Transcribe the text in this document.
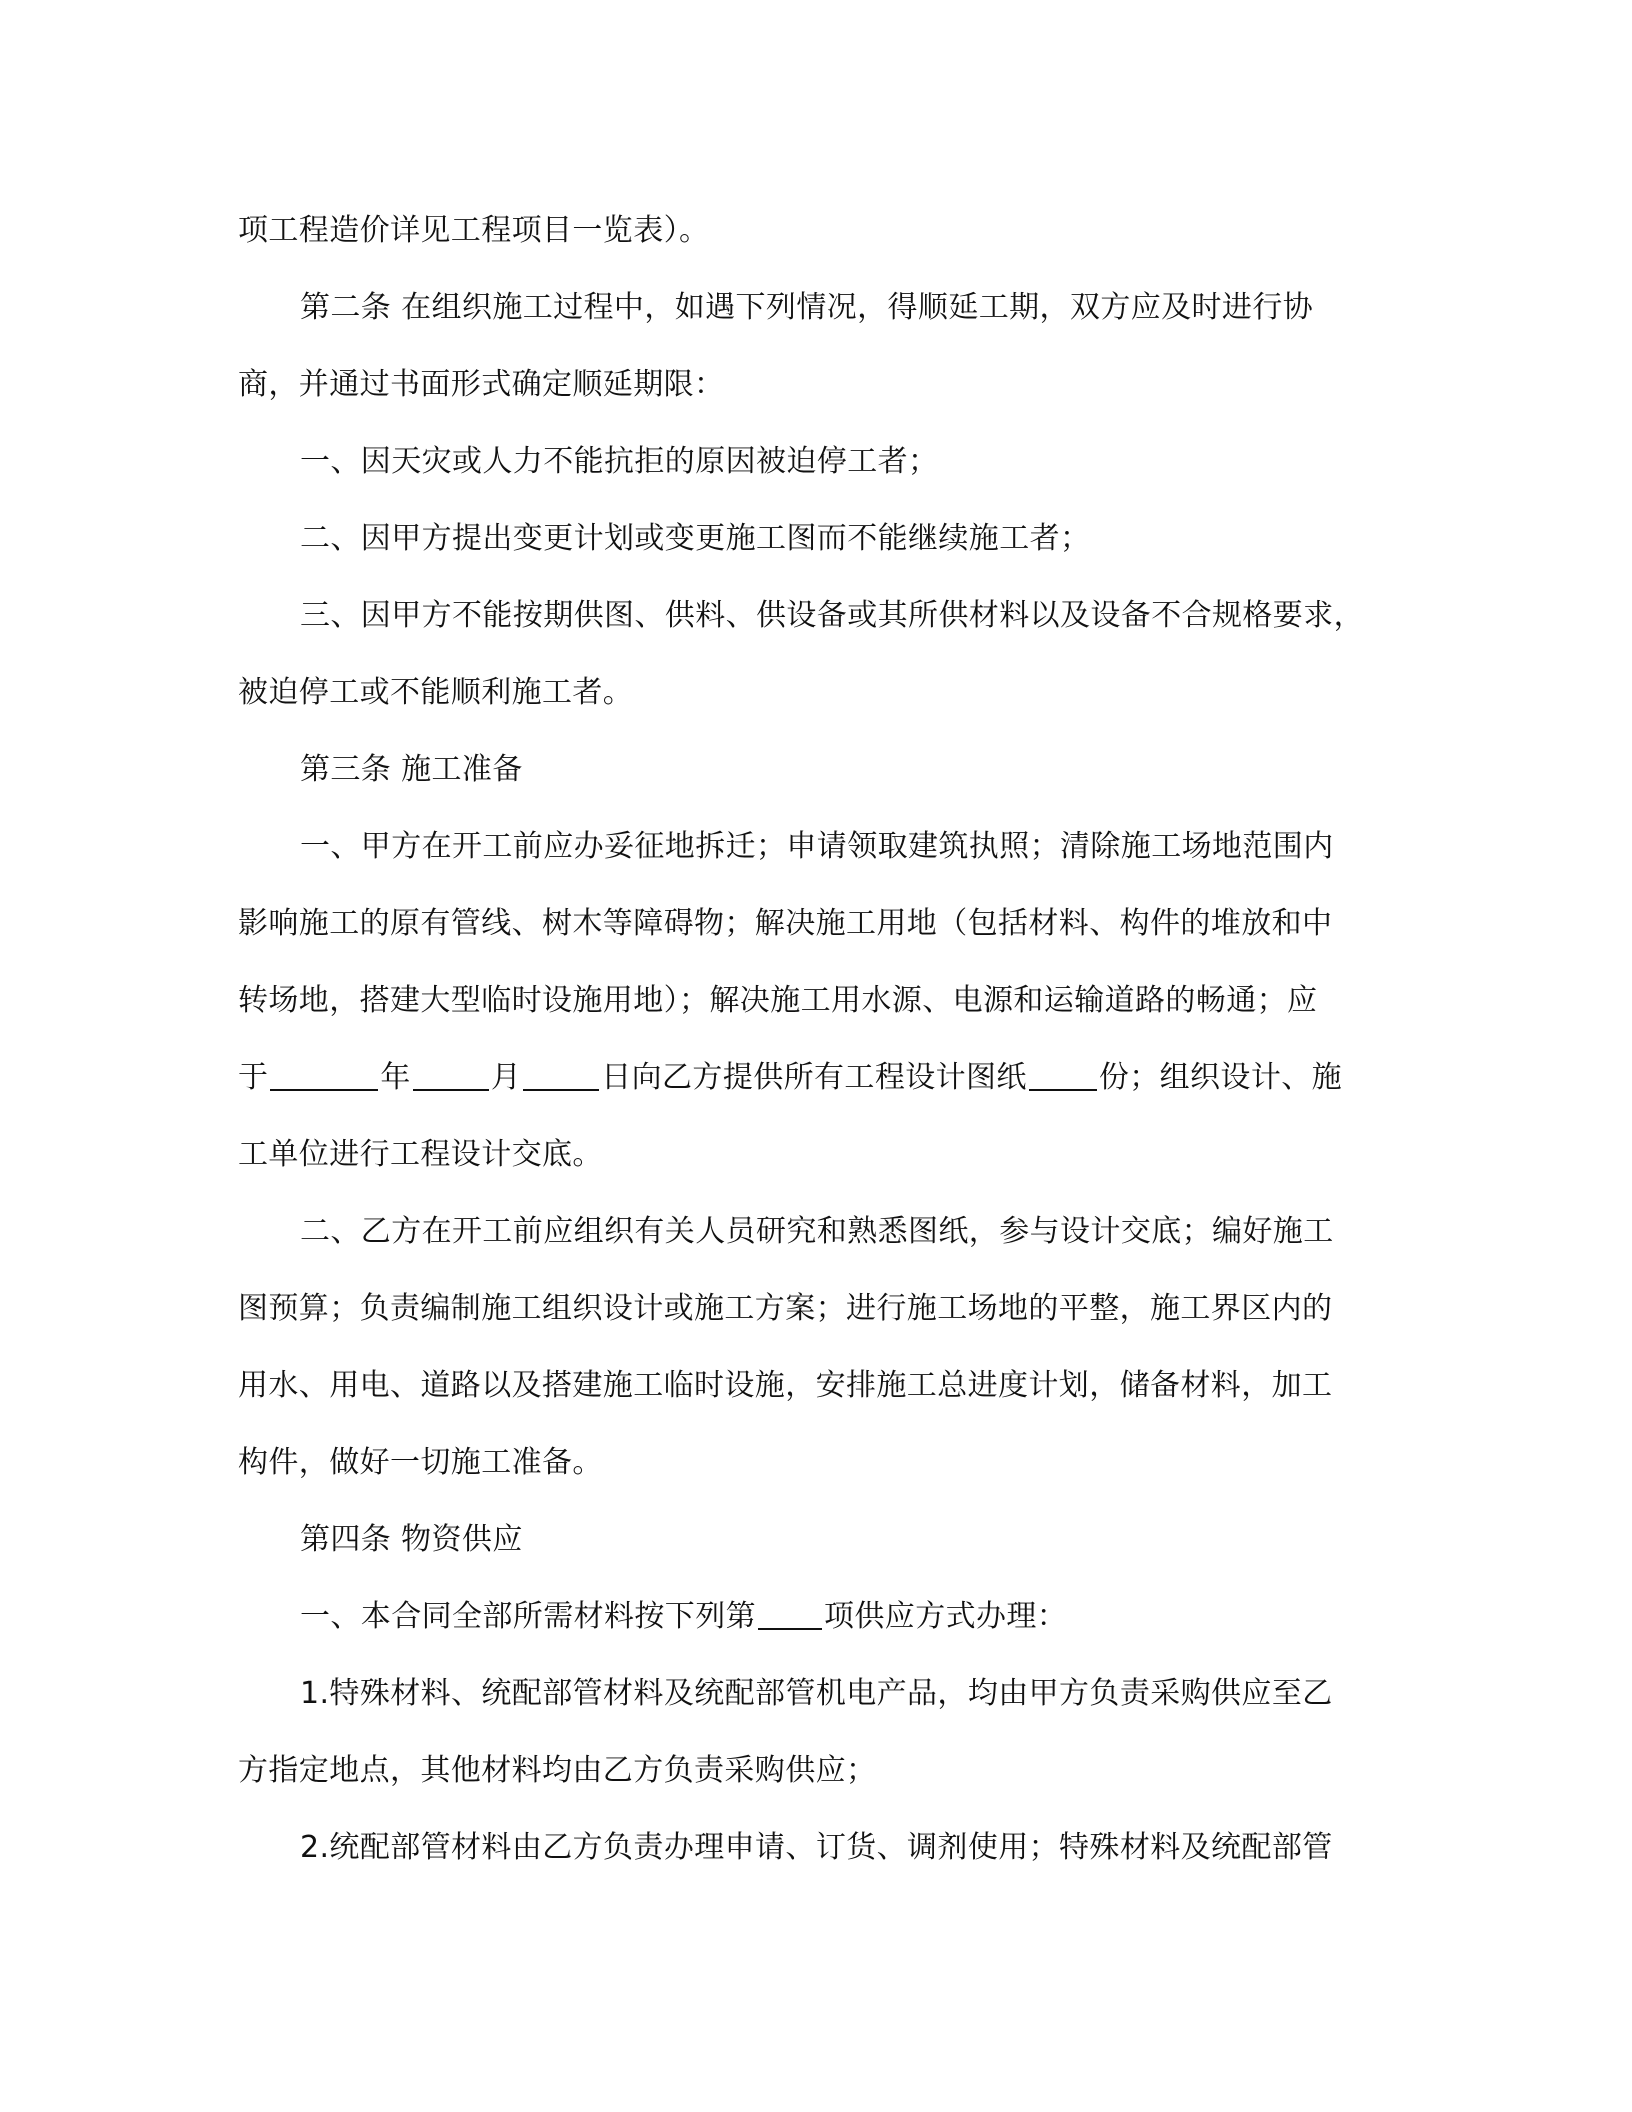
项工程造价详见工程项目一览表）。
第二条 在组织施工过程中，如遇下列情况，得顺延工期，双方应及时进行协
商，并通过书面形式确定顺延期限：
一、因天灾或人力不能抗拒的原因被迫停工者；
二、因甲方提出变更计划或变更施工图而不能继续施工者；
三、因甲方不能按期供图、供料、供设备或其所供材料以及设备不合规格要求，
被迫停工或不能顺利施工者。
第三条 施工准备
一、甲方在开工前应办妥征地拆迁；申请领取建筑执照；清除施工场地范围内
影响施工的原有管线、树木等障碍物；解决施工用地（包括材料、构件的堆放和中
转场地，搭建大型临时设施用地）；解决施工用水源、电源和运输道路的畅通；应
于	年	月	日向乙方提供所有工程设计图纸 份；组织设计、施
工单位进行工程设计交底。
二、乙方在开工前应组织有关人员研究和熟悉图纸，参与设计交底；编好施工
图预算；负责编制施工组织设计或施工方案；进行施工场地的平整，施工界区内的
用水、用电、道路以及搭建施工临时设施，安排施工总进度计划，储备材料，加工
构件，做好一切施工准备。
第四条 物资供应
一、本合同全部所需材料按下列第 项供应方式办理：
1.特殊材料、统配部管材料及统配部管机电产品，均由甲方负责采购供应至乙
方指定地点，其他材料均由乙方负责采购供应；
2.统配部管材料由乙方负责办理申请、订货、调剂使用；特殊材料及统配部管
